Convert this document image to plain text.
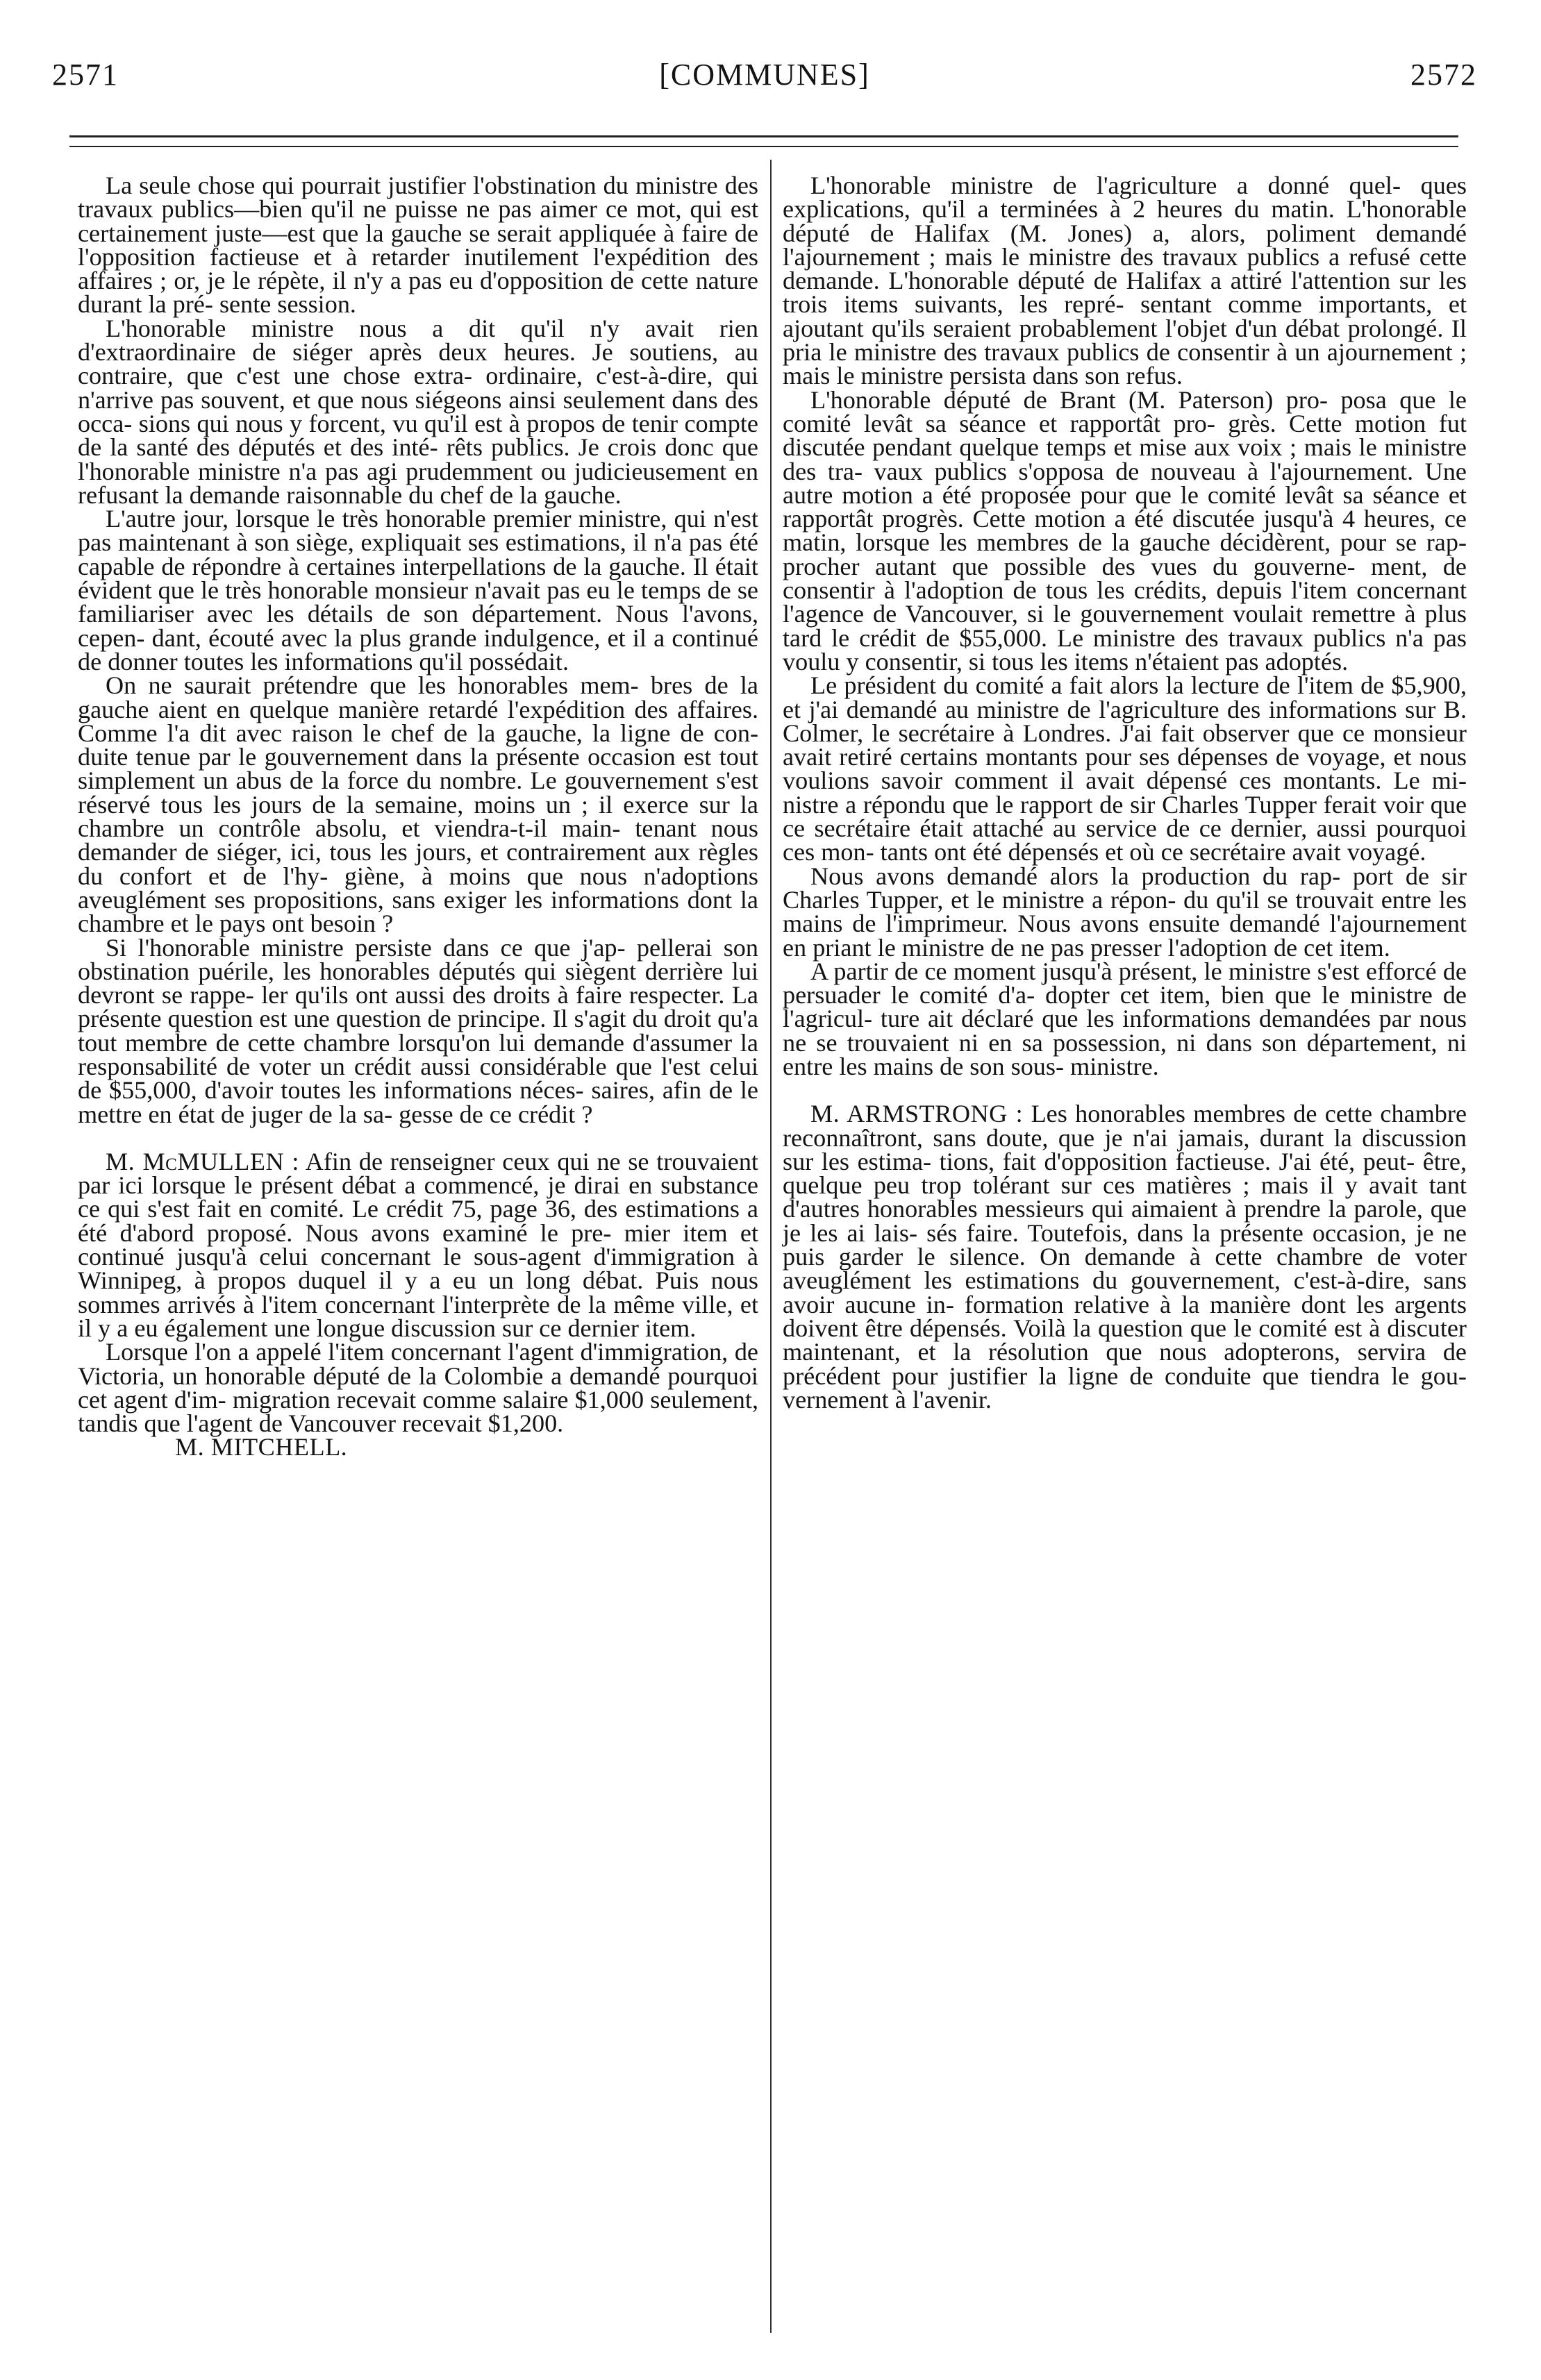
2571	[COMMUNES]	2572

La seule chose qui pourrait justifier l'obstination du ministre des travaux publics—bien qu'il ne puisse ne pas aimer ce mot, qui est certainement juste—est que la gauche se serait appliquée à faire de l'opposition factieuse et à retarder inutilement l'expédition des affaires ; or, je le répète, il n'y a pas eu d'opposition de cette nature durant la pré- sente session.

L'honorable ministre nous a dit qu'il n'y avait rien d'extraordinaire de siéger après deux heures. Je soutiens, au contraire, que c'est une chose extra- ordinaire, c'est-à-dire, qui n'arrive pas souvent, et que nous siégeons ainsi seulement dans des occa- sions qui nous y forcent, vu qu'il est à propos de tenir compte de la santé des députés et des inté- rêts publics. Je crois donc que l'honorable ministre n'a pas agi prudemment ou judicieusement en refusant la demande raisonnable du chef de la gauche.

L'autre jour, lorsque le très honorable premier ministre, qui n'est pas maintenant à son siège, expliquait ses estimations, il n'a pas été capable de répondre à certaines interpellations de la gauche. Il était évident que le très honorable monsieur n'avait pas eu le temps de se familiariser avec les détails de son département. Nous l'avons, cepen- dant, écouté avec la plus grande indulgence, et il a continué de donner toutes les informations qu'il possédait.

On ne saurait prétendre que les honorables mem- bres de la gauche aient en quelque manière retardé l'expédition des affaires. Comme l'a dit avec raison le chef de la gauche, la ligne de con- duite tenue par le gouvernement dans la présente occasion est tout simplement un abus de la force du nombre. Le gouvernement s'est réservé tous les jours de la semaine, moins un ; il exerce sur la chambre un contrôle absolu, et viendra-t-il main- tenant nous demander de siéger, ici, tous les jours, et contrairement aux règles du confort et de l'hy- giène, à moins que nous n'adoptions aveuglément ses propositions, sans exiger les informations dont la chambre et le pays ont besoin ?

Si l'honorable ministre persiste dans ce que j'ap- pellerai son obstination puérile, les honorables députés qui siègent derrière lui devront se rappe- ler qu'ils ont aussi des droits à faire respecter. La présente question est une question de principe. Il s'agit du droit qu'a tout membre de cette chambre lorsqu'on lui demande d'assumer la responsabilité de voter un crédit aussi considérable que l'est celui de $55,000, d'avoir toutes les informations néces- saires, afin de le mettre en état de juger de la sa- gesse de ce crédit ?

M. McMULLEN : Afin de renseigner ceux qui ne se trouvaient par ici lorsque le présent débat a commencé, je dirai en substance ce qui s'est fait en comité. Le crédit 75, page 36, des estimations a été d'abord proposé. Nous avons examiné le pre- mier item et continué jusqu'à celui concernant le sous-agent d'immigration à Winnipeg, à propos duquel il y a eu un long débat. Puis nous sommes arrivés à l'item concernant l'interprète de la même ville, et il y a eu également une longue discussion sur ce dernier item.

Lorsque l'on a appelé l'item concernant l'agent d'immigration, de Victoria, un honorable député de la Colombie a demandé pourquoi cet agent d'im- migration recevait comme salaire $1,000 seulement, tandis que l'agent de Vancouver recevait $1,200.

M. MITCHELL.

L'honorable ministre de l'agriculture a donné quel- ques explications, qu'il a terminées à 2 heures du matin. L'honorable député de Halifax (M. Jones) a, alors, poliment demandé l'ajournement ; mais le ministre des travaux publics a refusé cette demande. L'honorable député de Halifax a attiré l'attention sur les trois items suivants, les repré- sentant comme importants, et ajoutant qu'ils seraient probablement l'objet d'un débat prolongé. Il pria le ministre des travaux publics de consentir à un ajournement ; mais le ministre persista dans son refus.

L'honorable député de Brant (M. Paterson) pro- posa que le comité levât sa séance et rapportât pro- grès. Cette motion fut discutée pendant quelque temps et mise aux voix ; mais le ministre des tra- vaux publics s'opposa de nouveau à l'ajournement. Une autre motion a été proposée pour que le comité levât sa séance et rapportât progrès. Cette motion a été discutée jusqu'à 4 heures, ce matin, lorsque les membres de la gauche décidèrent, pour se rap- procher autant que possible des vues du gouverne- ment, de consentir à l'adoption de tous les crédits, depuis l'item concernant l'agence de Vancouver, si le gouvernement voulait remettre à plus tard le crédit de $55,000. Le ministre des travaux publics n'a pas voulu y consentir, si tous les items n'étaient pas adoptés.

Le président du comité a fait alors la lecture de l'item de $5,900, et j'ai demandé au ministre de l'agriculture des informations sur B. Colmer, le secrétaire à Londres. J'ai fait observer que ce monsieur avait retiré certains montants pour ses dépenses de voyage, et nous voulions savoir comment il avait dépensé ces montants. Le mi- nistre a répondu que le rapport de sir Charles Tupper ferait voir que ce secrétaire était attaché au service de ce dernier, aussi pourquoi ces mon- tants ont été dépensés et où ce secrétaire avait voyagé.

Nous avons demandé alors la production du rap- port de sir Charles Tupper, et le ministre a répon- du qu'il se trouvait entre les mains de l'imprimeur. Nous avons ensuite demandé l'ajournement en priant le ministre de ne pas presser l'adoption de cet item.

A partir de ce moment jusqu'à présent, le ministre s'est efforcé de persuader le comité d'a- dopter cet item, bien que le ministre de l'agricul- ture ait déclaré que les informations demandées par nous ne se trouvaient ni en sa possession, ni dans son département, ni entre les mains de son sous- ministre.

M. ARMSTRONG : Les honorables membres de cette chambre reconnaîtront, sans doute, que je n'ai jamais, durant la discussion sur les estima- tions, fait d'opposition factieuse. J'ai été, peut- être, quelque peu trop tolérant sur ces matières ; mais il y avait tant d'autres honorables messieurs qui aimaient à prendre la parole, que je les ai lais- sés faire. Toutefois, dans la présente occasion, je ne puis garder le silence. On demande à cette chambre de voter aveuglément les estimations du gouvernement, c'est-à-dire, sans avoir aucune in- formation relative à la manière dont les argents doivent être dépensés. Voilà la question que le comité est à discuter maintenant, et la résolution que nous adopterons, servira de précédent pour justifier la ligne de conduite que tiendra le gou- vernement à l'avenir.
